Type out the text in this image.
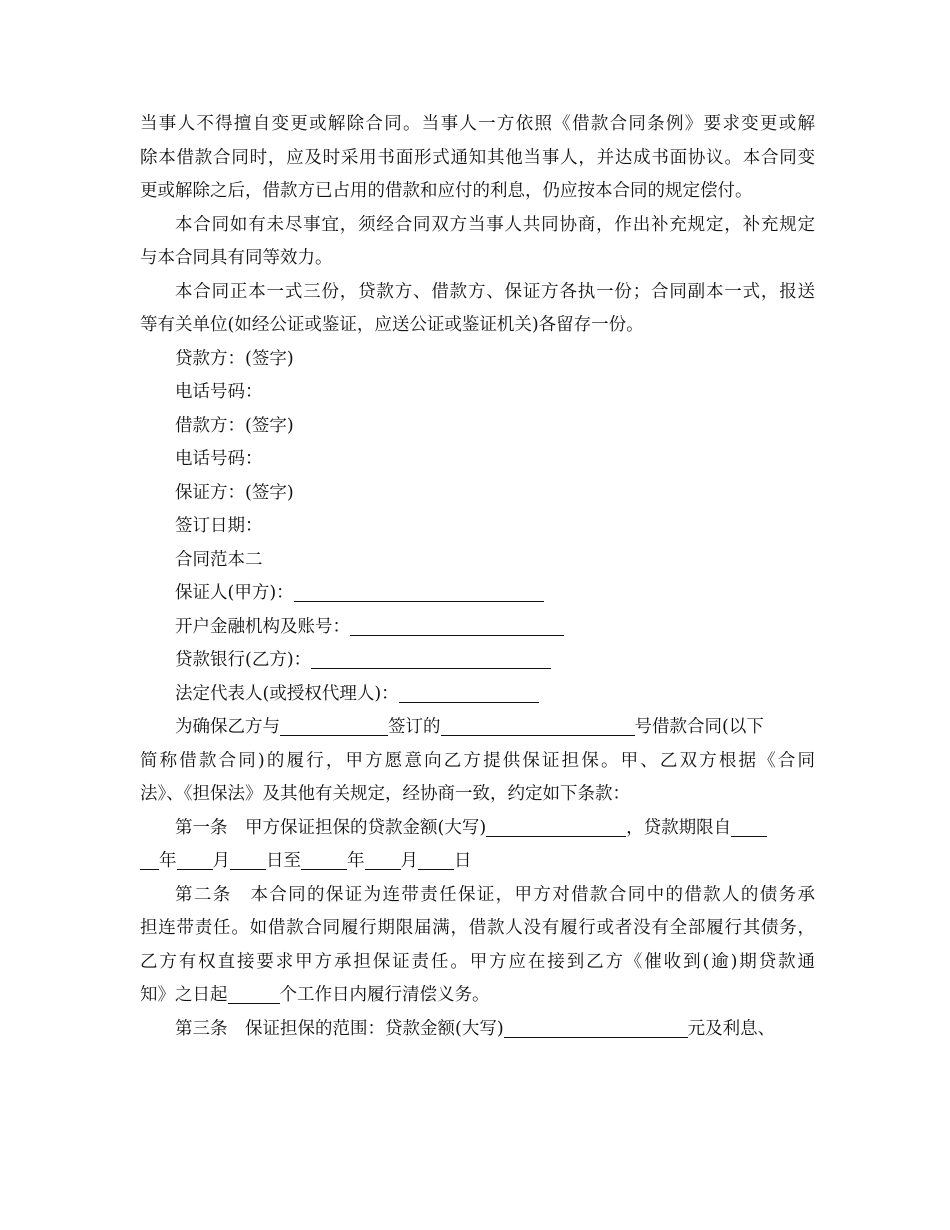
当事人不得擅自变更或解除合同。当事人一方依照《借款合同条例》要求变更或解
除本借款合同时，应及时采用书面形式通知其他当事人，并达成书面协议。本合同变
更或解除之后，借款方已占用的借款和应付的利息，仍应按本合同的规定偿付。
本合同如有未尽事宜，须经合同双方当事人共同协商，作出补充规定，补充规定
与本合同具有同等效力。
本合同正本一式三份，贷款方、借款方、保证方各执一份；合同副本一式，报送
等有关单位(如经公证或鉴证，应送公证或鉴证机关)各留存一份。
贷款方：(签字)
电话号码：
借款方：(签字)
电话号码：
保证方：(签字)
签订日期：
合同范本二
保证人(甲方)：
开户金融机构及账号：
贷款银行(乙方)：
法定代表人(或授权代理人)：
为确保乙方与	签订的	号借款合同(以下
简称借款合同)的履行，甲方愿意向乙方提供保证担保。甲、乙双方根据《合同
法》、《担保法》及其他有关规定，经协商一致，约定如下条款：
第一条　甲方保证担保的贷款金额(大写)	，贷款期限自
年 月 日至	年 月 日
第二条　本合同的保证为连带责任保证，甲方对借款合同中的借款人的债务承
担连带责任。如借款合同履行期限届满，借款人没有履行或者没有全部履行其债务，
乙方有权直接要求甲方承担保证责任。甲方应在接到乙方《催收到(逾)期贷款通
知》之日起	个工作日内履行清偿义务。
第三条　保证担保的范围：贷款金额(大写)	元及利息、
